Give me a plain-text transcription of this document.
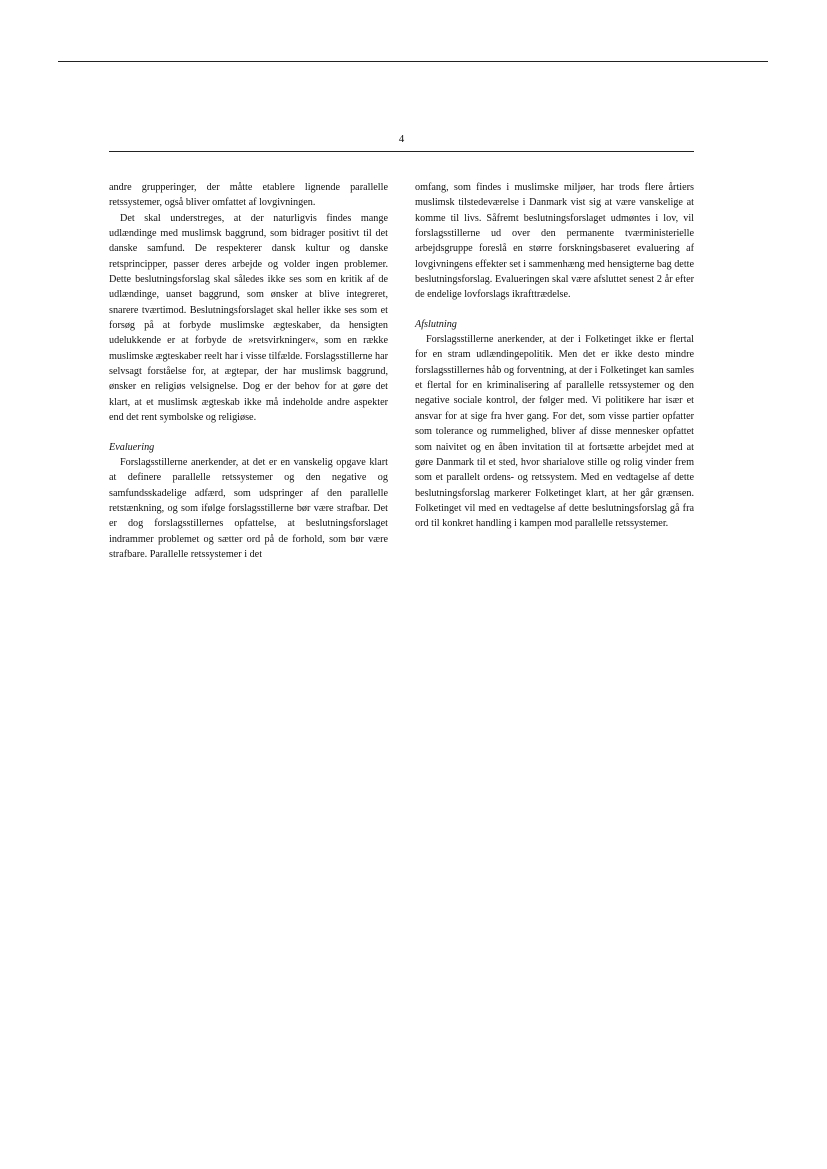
4

andre grupperinger, der måtte etablere lignende parallelle retssystemer, også bliver omfattet af lovgivningen.

Det skal understreges, at der naturligvis findes mange udlændinge med muslimsk baggrund, som bidrager positivt til det danske samfund. De respekterer dansk kultur og danske retsprincipper, passer deres arbejde og volder ingen problemer. Dette beslutningsforslag skal således ikke ses som en kritik af de udlændinge, uanset baggrund, som ønsker at blive integreret, snarere tværtimod. Beslutningsforslaget skal heller ikke ses som et forsøg på at forbyde muslimske ægteskaber, da hensigten udelukkende er at forbyde de »retsvirkninger«, som en række muslimske ægteskaber reelt har i visse tilfælde. Forslagsstillerne har selvsagt forståelse for, at ægtepar, der har muslimsk baggrund, ønsker en religiøs velsignelse. Dog er der behov for at gøre det klart, at et muslimsk ægteskab ikke må indeholde andre aspekter end det rent symbolske og religiøse.

Evaluering

Forslagsstillerne anerkender, at det er en vanskelig opgave klart at definere parallelle retssystemer og den negative og samfundsskadelige adfærd, som udspringer af den parallelle retstænkning, og som ifølge forslagsstillerne bør være strafbar. Det er dog forslagsstillernes opfattelse, at beslutningsforslaget indrammer problemet og sætter ord på de forhold, som bør være strafbare. Parallelle retssystemer i det

omfang, som findes i muslimske miljøer, har trods flere årtiers muslimsk tilstedeværelse i Danmark vist sig at være vanskelige at komme til livs. Såfremt beslutningsforslaget udmøntes i lov, vil forslagsstillerne ud over den permanente tværministerielle arbejdsgruppe foreslå en større forskningsbaseret evaluering af lovgivningens effekter set i sammenhæng med hensigterne bag dette beslutningsforslag. Evalueringen skal være afsluttet senest 2 år efter de endelige lovforslags ikrafttrædelse.

Afslutning

Forslagsstillerne anerkender, at der i Folketinget ikke er flertal for en stram udlændingepolitik. Men det er ikke desto mindre forslagsstillernes håb og forventning, at der i Folketinget kan samles et flertal for en kriminalisering af parallelle retssystemer og den negative sociale kontrol, der følger med. Vi politikere har især et ansvar for at sige fra hver gang. For det, som visse partier opfatter som tolerance og rummelighed, bliver af disse mennesker opfattet som naivitet og en åben invitation til at fortsætte arbejdet med at gøre Danmark til et sted, hvor sharialove stille og rolig vinder frem som et parallelt ordens- og retssystem. Med en vedtagelse af dette beslutningsforslag markerer Folketinget klart, at her går grænsen. Folketinget vil med en vedtagelse af dette beslutningsforslag gå fra ord til konkret handling i kampen mod parallelle retssystemer.
